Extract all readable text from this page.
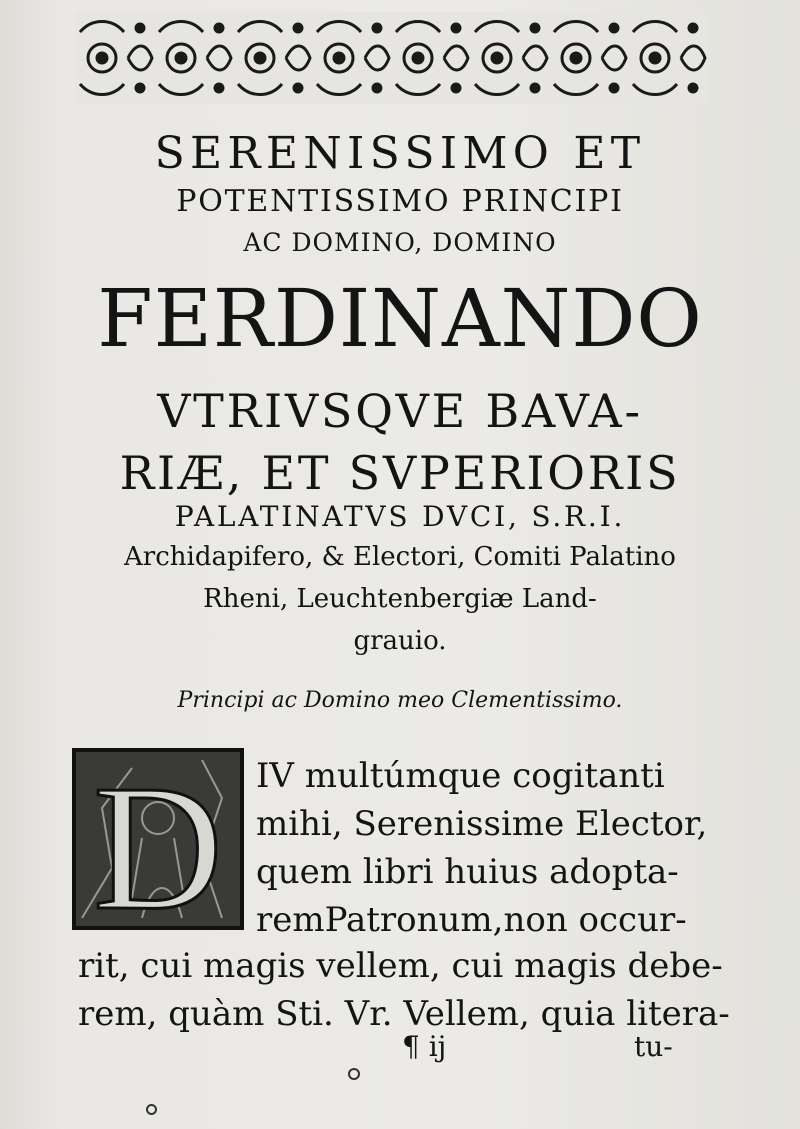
SERENISSIMO ET
POTENTISSIMO PRINCIPI
AC DOMINO, DOMINO
FERDINANDO
VTRIVSQVE BAVA-
RIÆ, ET SVPERIORIS
PALATINATVS DVCI, S.R.I.
Archidapifero, & Electori, Comiti Palatino
Rheni, Leuchtenbergiæ Land-
grauio.
Principi ac Domino meo Clementissimo.
D IV multúmque cogitanti
mihi, Serenissime Elector,
quem libri huius adopta-
remPatronum,non occur-
rit, cui magis vellem, cui magis debe-
rem, quàm Sti. Vr. Vellem, quia litera-
¶ ij	tu-
